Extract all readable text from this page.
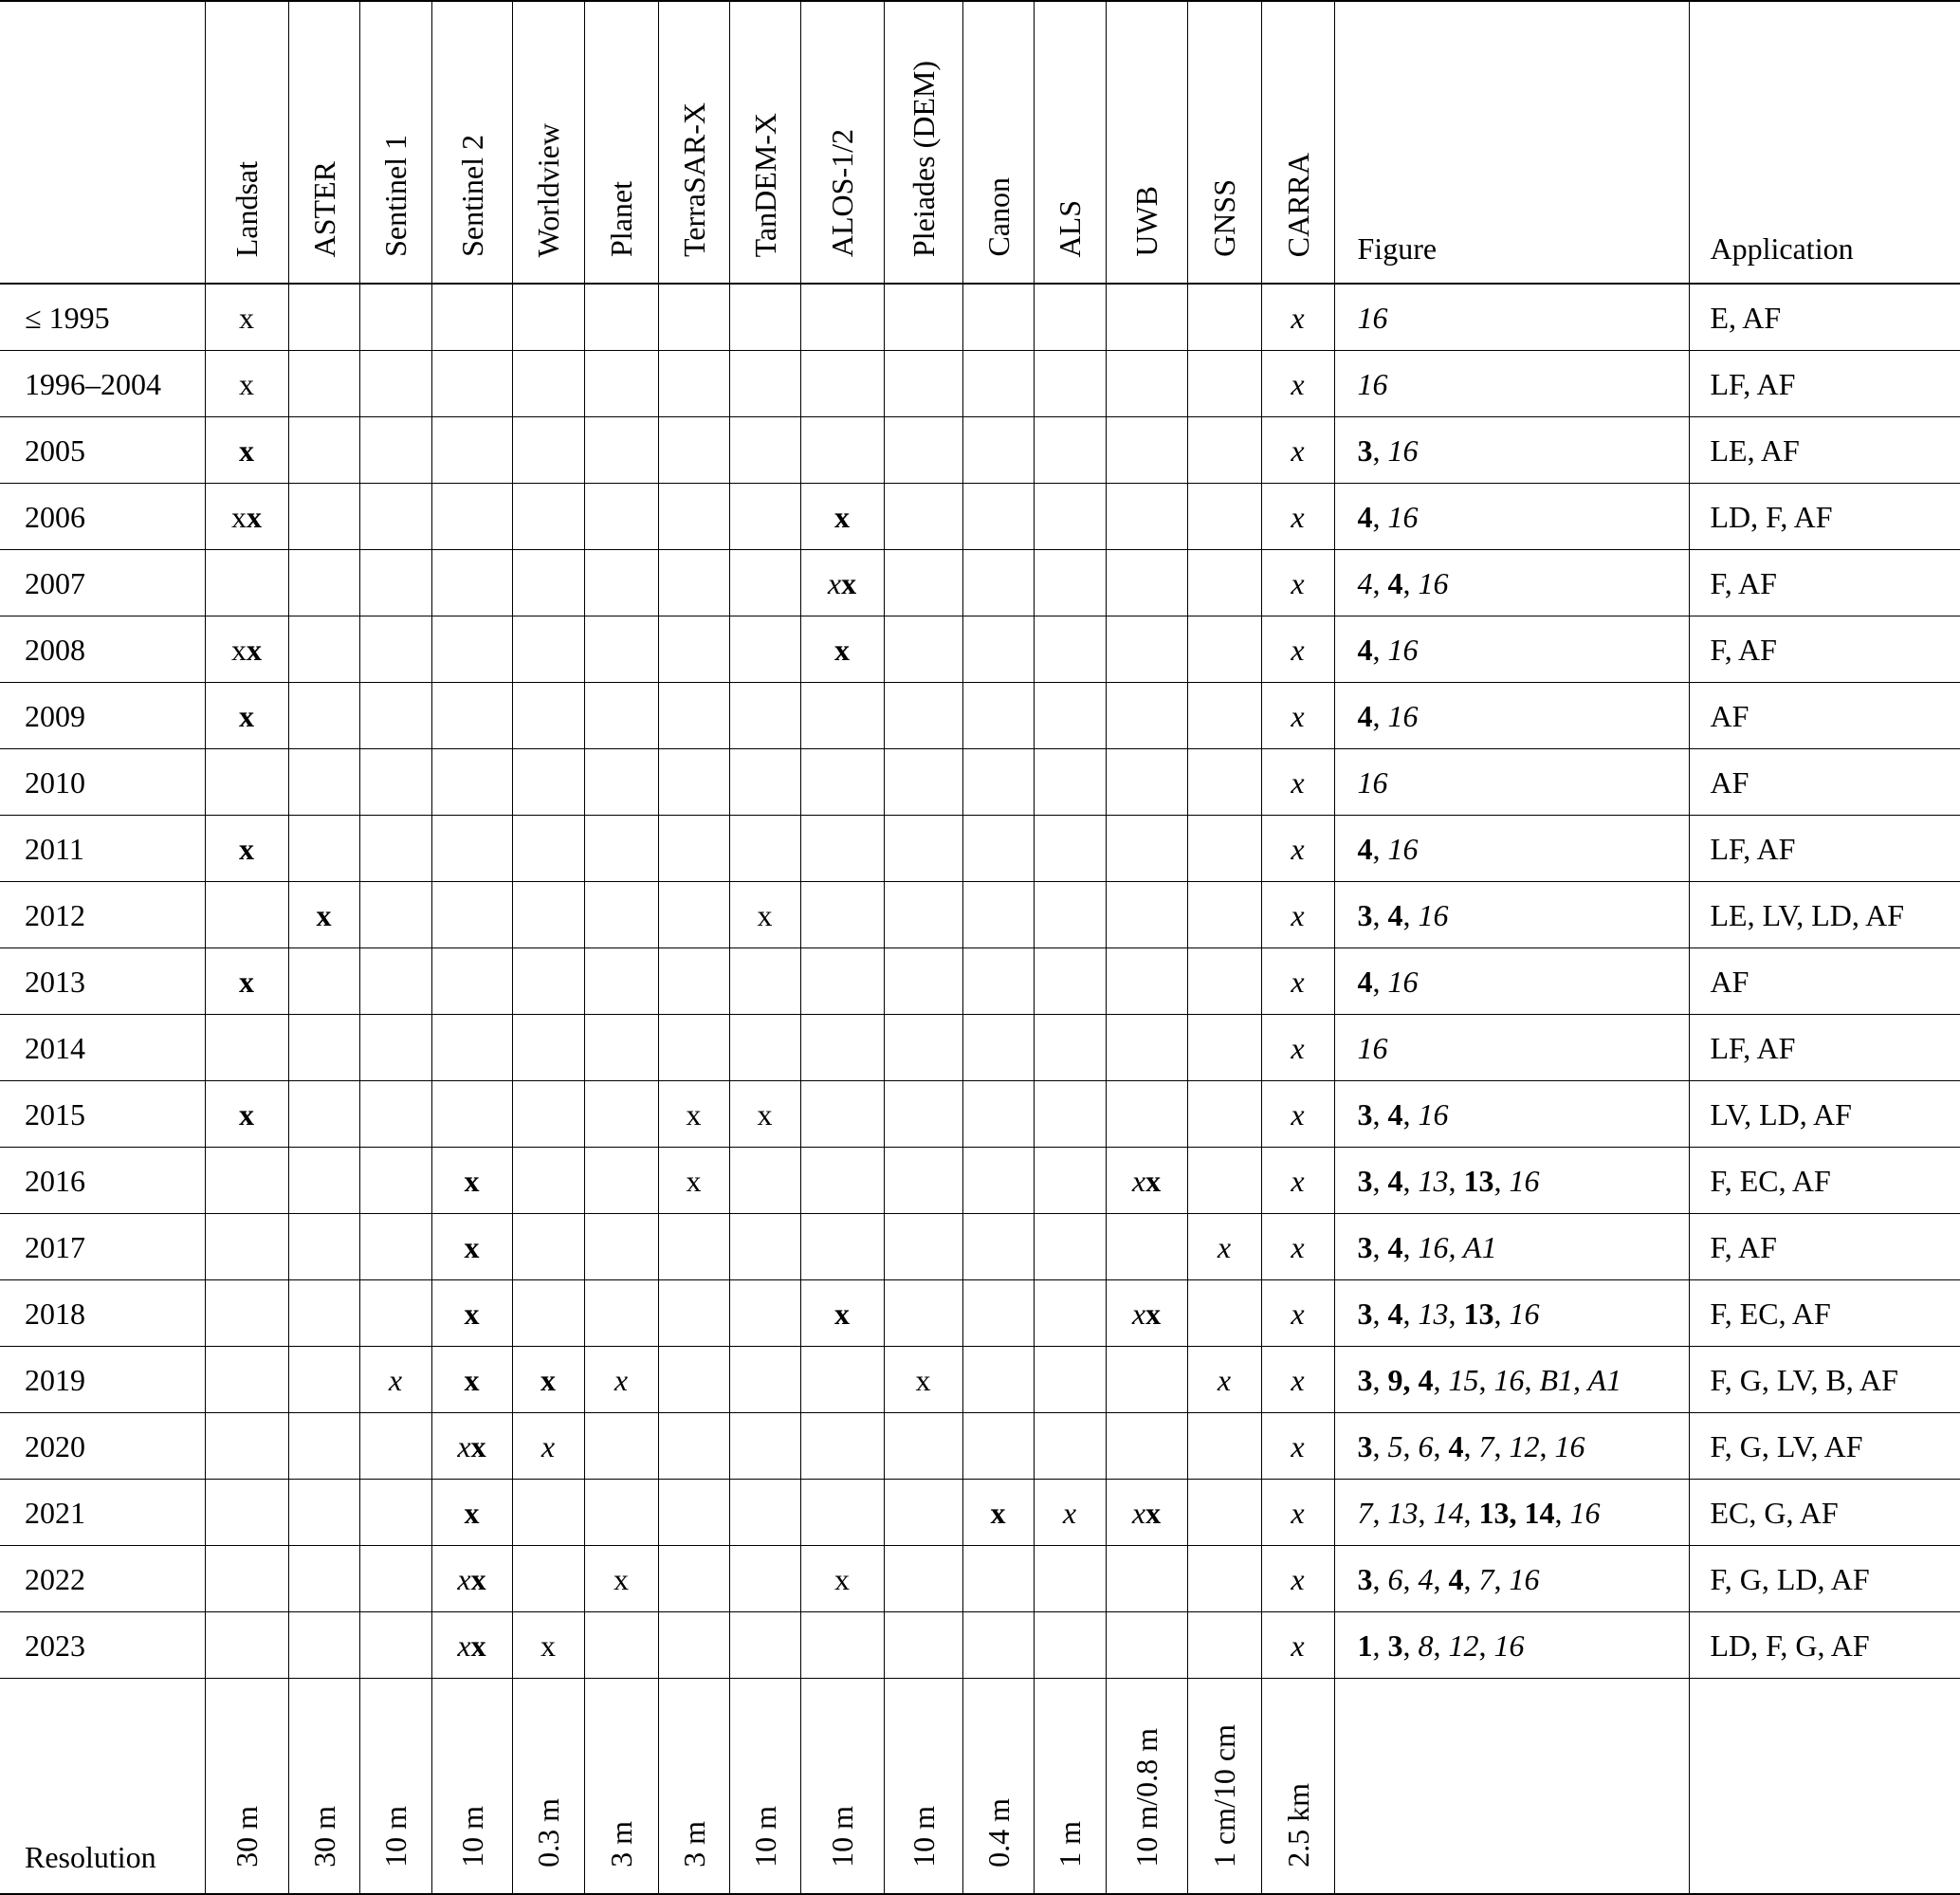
	Landsat	ASTER	Sentinel 1	Sentinel 2	Worldview	Planet	TerraSAR-X	TanDEM-X	ALOS-1/2	Pleiades (DEM)	Canon	ALS	UWB	GNSS	CARRA	Figure	Application
≤ 1995	x														x	16	E, AF
1996–2004	x														x	16	LF, AF
2005	x														x	3, 16	LE, AF
2006	xx								x						x	4, 16	LD, F, AF
2007									xx						x	4, 4, 16	F, AF
2008	xx								x						x	4, 16	F, AF
2009	x														x	4, 16	AF
2010															x	16	AF
2011	x														x	4, 16	LF, AF
2012		x						x							x	3, 4, 16	LE, LV, LD, AF
2013	x														x	4, 16	AF
2014															x	16	LF, AF
2015	x						x	x							x	3, 4, 16	LV, LD, AF
2016				x			x						xx		x	3, 4, 13, 13, 16	F, EC, AF
2017				x										x	x	3, 4, 16, A1	F, AF
2018				x					x				xx		x	3, 4, 13, 13, 16	F, EC, AF
2019			x	x	x	x				x				x	x	3, 9, 4, 15, 16, B1, A1	F, G, LV, B, AF
2020				xx	x										x	3, 5, 6, 4, 7, 12, 16	F, G, LV, AF
2021				x							x	x	xx		x	7, 13, 14, 13, 14, 16	EC, G, AF
2022				xx		x			x						x	3, 6, 4, 4, 7, 16	F, G, LD, AF
2023				xx	x										x	1, 3, 8, 12, 16	LD, F, G, AF
Resolution	30 m	30 m	10 m	10 m	0.3 m	3 m	3 m	10 m	10 m	10 m	0.4 m	1 m	10 m/0.8 m	1 cm/10 cm	2.5 km		
